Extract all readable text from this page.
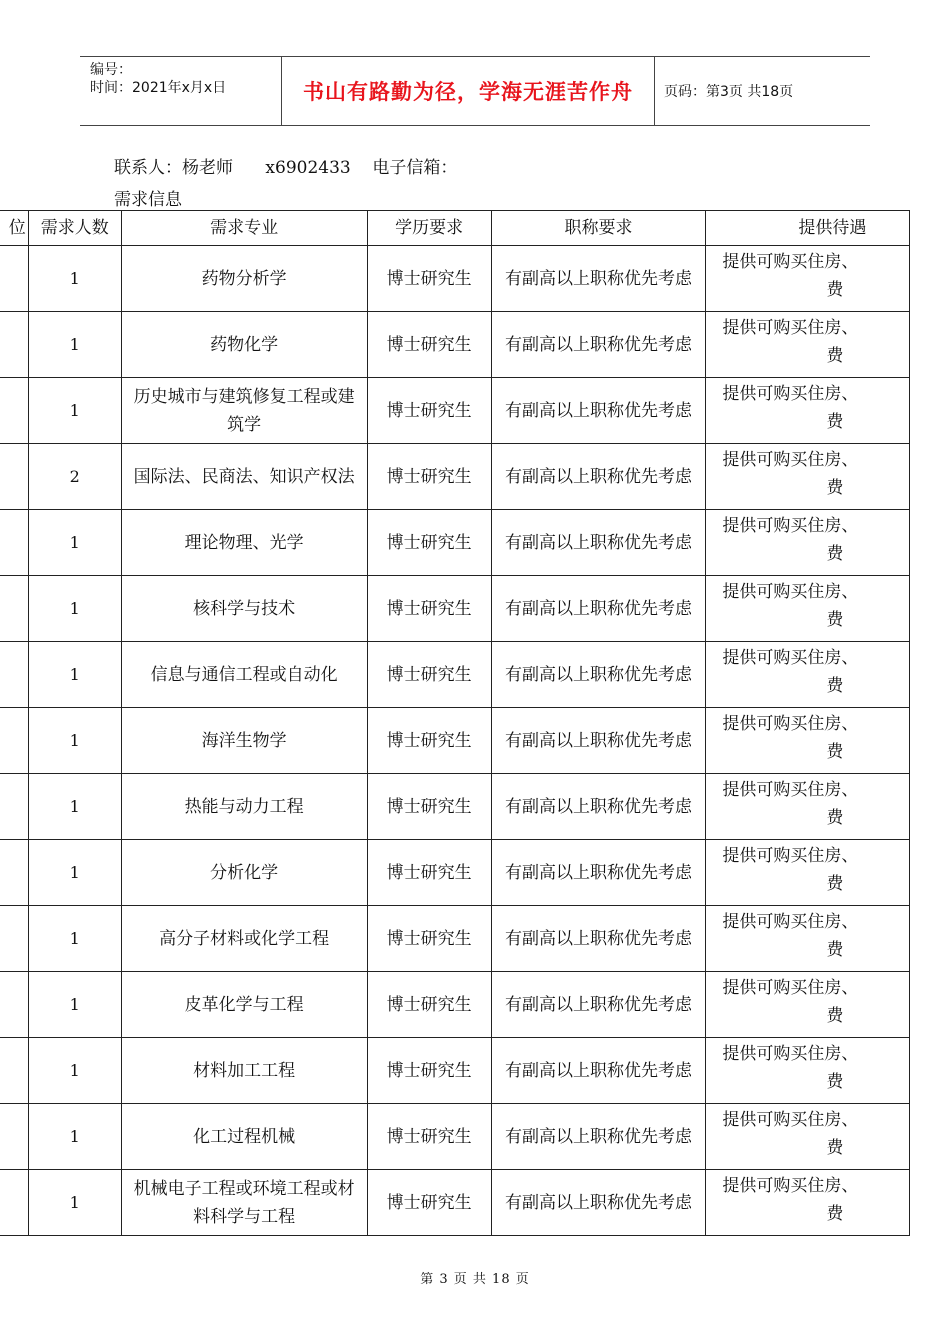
编号：
时间：2021年x月x日	书山有路勤为径，学海无涯苦作舟	页码：第3页 共18页
联系人：杨老师      x6902433    电子信箱：
需求信息
位	需求人数	需求专业	学历要求	职称要求	提供待遇
	1	药物分析学	博士研究生	有副高以上职称优先考虑	提供可购买住房、
费

	1	药物化学	博士研究生	有副高以上职称优先考虑	提供可购买住房、
费

	1	历史城市与建筑修复工程或建筑学	博士研究生	有副高以上职称优先考虑	提供可购买住房、
费

	2	国际法、民商法、知识产权法	博士研究生	有副高以上职称优先考虑	提供可购买住房、
费

	1	理论物理、光学	博士研究生	有副高以上职称优先考虑	提供可购买住房、
费

	1	核科学与技术	博士研究生	有副高以上职称优先考虑	提供可购买住房、
费

	1	信息与通信工程或自动化	博士研究生	有副高以上职称优先考虑	提供可购买住房、
费

	1	海洋生物学	博士研究生	有副高以上职称优先考虑	提供可购买住房、
费

	1	热能与动力工程	博士研究生	有副高以上职称优先考虑	提供可购买住房、
费

	1	分析化学	博士研究生	有副高以上职称优先考虑	提供可购买住房、
费

	1	高分子材料或化学工程	博士研究生	有副高以上职称优先考虑	提供可购买住房、
费

	1	皮革化学与工程	博士研究生	有副高以上职称优先考虑	提供可购买住房、
费

	1	材料加工工程	博士研究生	有副高以上职称优先考虑	提供可购买住房、
费

	1	化工过程机械	博士研究生	有副高以上职称优先考虑	提供可购买住房、
费

	1	机械电子工程或环境工程或材料科学与工程	博士研究生	有副高以上职称优先考虑	提供可购买住房、
费
第 3 页 共 18 页
